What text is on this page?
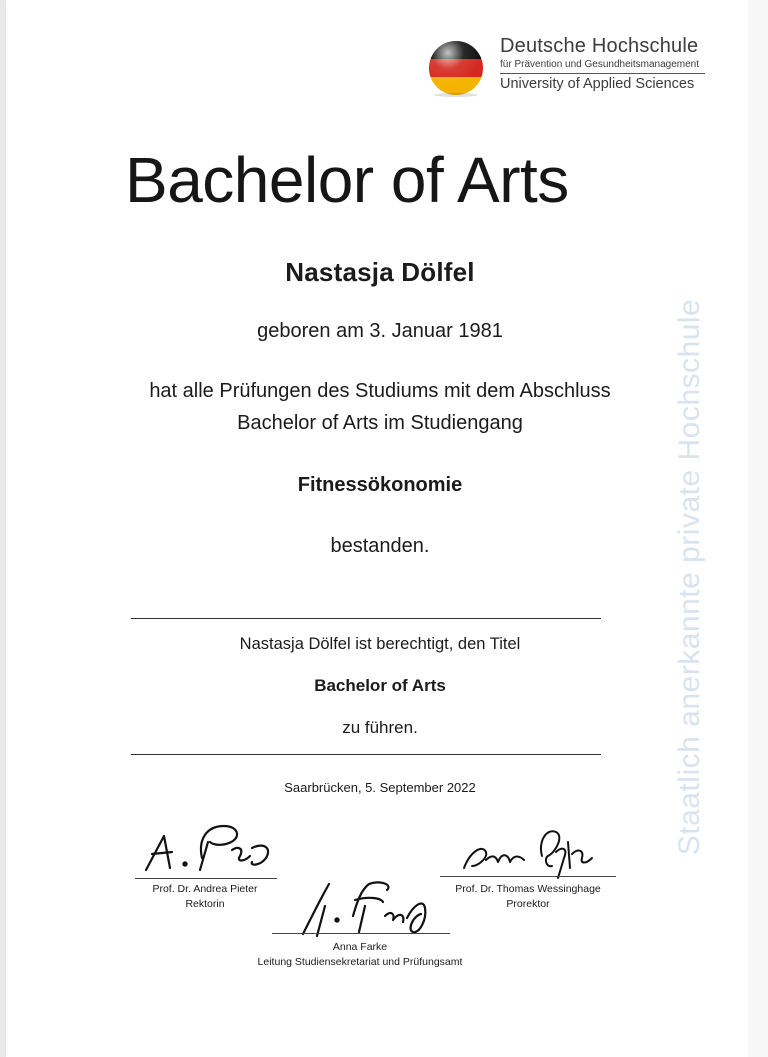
Staatlich anerkannte private Hochschule
Deutsche Hochschule
für Prävention und Gesundheitsmanagement
University of Applied Sciences
Bachelor of Arts
Nastasja Dölfel
geboren am 3. Januar 1981
hat alle Prüfungen des Studiums mit dem Abschluss
Bachelor of Arts im Studiengang
Fitnessökonomie
bestanden.
Nastasja Dölfel ist berechtigt, den Titel
Bachelor of Arts
zu führen.
Saarbrücken, 5. September 2022
Prof. Dr. Andrea Pieter
Rektorin
Prof. Dr. Thomas Wessinghage
Prorektor
Anna Farke
Leitung Studiensekretariat und Prüfungsamt
